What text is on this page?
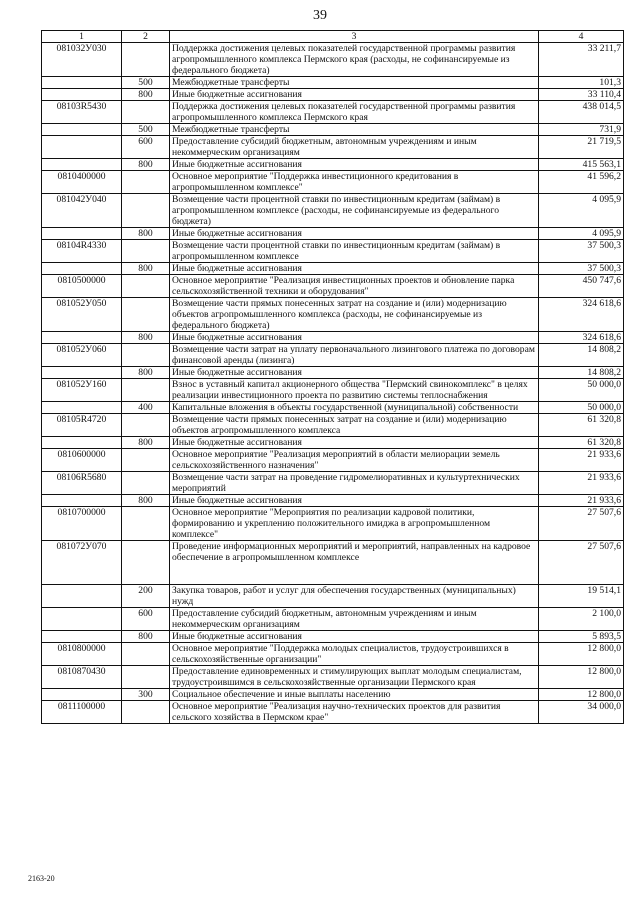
39
1	2	3	4
081032У030		Поддержка достижения целевых показателей государственной программы развития агропромышленного комплекса Пермского края (расходы, не софинансируемые из федерального бюджета)	33 211,7
	500	Межбюджетные трансферты	101,3
	800	Иные бюджетные ассигнования	33 110,4
08103R5430		Поддержка достижения целевых показателей государственной программы развития агропромышленного комплекса Пермского края	438 014,5
	500	Межбюджетные трансферты	731,9
	600	Предоставление субсидий бюджетным, автономным учреждениям и иным некоммерческим организациям	21 719,5
	800	Иные бюджетные ассигнования	415 563,1
0810400000		Основное мероприятие "Поддержка инвестиционного кредитования в агропромышленном комплексе"	41 596,2
081042У040		Возмещение части процентной ставки по инвестиционным кредитам (займам) в агропромышленном комплексе (расходы, не софинансируемые из федерального бюджета)	4 095,9
	800	Иные бюджетные ассигнования	4 095,9
08104R4330		Возмещение части процентной ставки по инвестиционным кредитам (займам) в агропромышленном комплексе	37 500,3
	800	Иные бюджетные ассигнования	37 500,3
0810500000		Основное мероприятие "Реализация инвестиционных проектов и обновление парка сельскохозяйственной техники и оборудования"	450 747,6
081052У050		Возмещение части прямых понесенных затрат на создание и (или) модернизацию объектов агропромышленного комплекса (расходы, не софинансируемые из федерального бюджета)	324 618,6
	800	Иные бюджетные ассигнования	324 618,6
081052У060		Возмещение части затрат на уплату первоначального лизингового платежа по договорам финансовой аренды (лизинга)	14 808,2
	800	Иные бюджетные ассигнования	14 808,2
081052У160		Взнос в уставный капитал акционерного общества "Пермский свинокомплекс" в целях реализации инвестиционного проекта по развитию системы теплоснабжения	50 000,0
	400	Капитальные вложения в объекты государственной (муниципальной) собственности	50 000,0
08105R4720		Возмещение части прямых понесенных затрат на создание и (или) модернизацию объектов агропромышленного комплекса	61 320,8
	800	Иные бюджетные ассигнования	61 320,8
0810600000		Основное мероприятие "Реализация мероприятий в области мелиорации земель сельскохозяйственного назначения"	21 933,6
08106R5680		Возмещение части затрат на проведение гидромелиоративных и культуртехнических мероприятий	21 933,6
	800	Иные бюджетные ассигнования	21 933,6
0810700000		Основное мероприятие "Мероприятия по реализации кадровой политики, формированию и укреплению положительного имиджа в агропромышленном комплексе"	27 507,6
081072У070		Проведение информационных мероприятий и мероприятий, направленных на кадровое обеспечение в агропромышленном комплексе	27 507,6
	200	Закупка товаров, работ и услуг для обеспечения государственных (муниципальных) нужд	19 514,1
	600	Предоставление субсидий бюджетным, автономным учреждениям и иным некоммерческим организациям	2 100,0
	800	Иные бюджетные ассигнования	5 893,5
0810800000		Основное мероприятие "Поддержка молодых специалистов, трудоустроившихся в сельскохозяйственные организации"	12 800,0
0810870430		Предоставление единовременных и стимулирующих выплат молодым специалистам, трудоустроившимся в сельскохозяйственные организации Пермского края	12 800,0
	300	Социальное обеспечение и иные выплаты населению	12 800,0
0811100000		Основное мероприятие "Реализация научно-технических проектов для развития сельского хозяйства в Пермском крае"	34 000,0
2163-20
